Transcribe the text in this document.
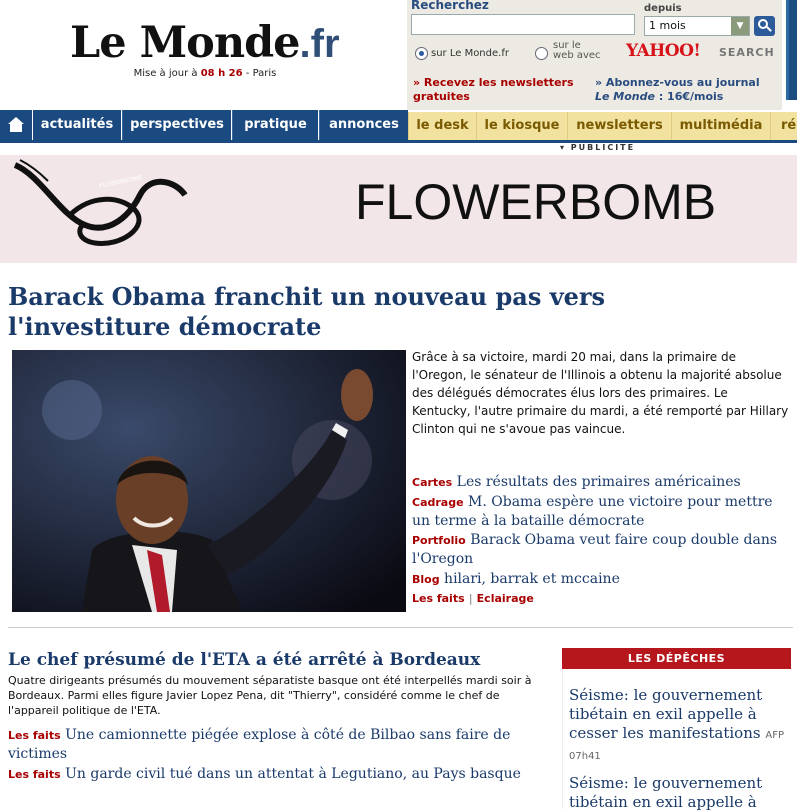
Le Monde.fr
Mise à jour à 08 h 26 - Paris
Recherchez	depuis
1 mois	▼
sur Le Monde.fr
sur le web avec YAHOO! SEARCH
» Recevez les newsletters gratuites
» Abonnez-vous au journal
Le Monde : 16€/mois
actualités	perspectives	pratique	annonces	le desk	le kiosque	newsletters	multimédia	ré
▾ PUBLICITE
FLOWERBOMB	FLOWERBOMB
Barack Obama franchit un nouveau pas vers l'investiture démocrate

Grâce à sa victoire, mardi 20 mai, dans la primaire de l'Oregon, le sénateur de l'Illinois a obtenu la majorité absolue des délégués démocrates élus lors des primaires. Le Kentucky, l'autre primaire du mardi, a été remporté par Hillary Clinton qui ne s'avoue pas vaincue.

Cartes Les résultats des primaires américaines
Cadrage M. Obama espère une victoire pour mettre un terme à la bataille démocrate
Portfolio Barack Obama veut faire coup double dans l'Oregon
Blog hilari, barrak et mccaine
Les faits | Eclairage
Le chef présumé de l'ETA a été arrêté à Bordeaux

Quatre dirigeants présumés du mouvement séparatiste basque ont été interpellés mardi soir à Bordeaux. Parmi elles figure Javier Lopez Pena, dit "Thierry", considéré comme le chef de l'appareil politique de l'ETA.

Les faits Une camionnette piégée explose à côté de Bilbao sans faire de victimes
Les faits Un garde civil tué dans un attentat à Legutiano, au Pays basque
LES DÉPÊCHES
Séisme: le gouvernement tibétain en exil appelle à cesser les manifestations AFP 07h41
Séisme: le gouvernement tibétain en exil appelle à
